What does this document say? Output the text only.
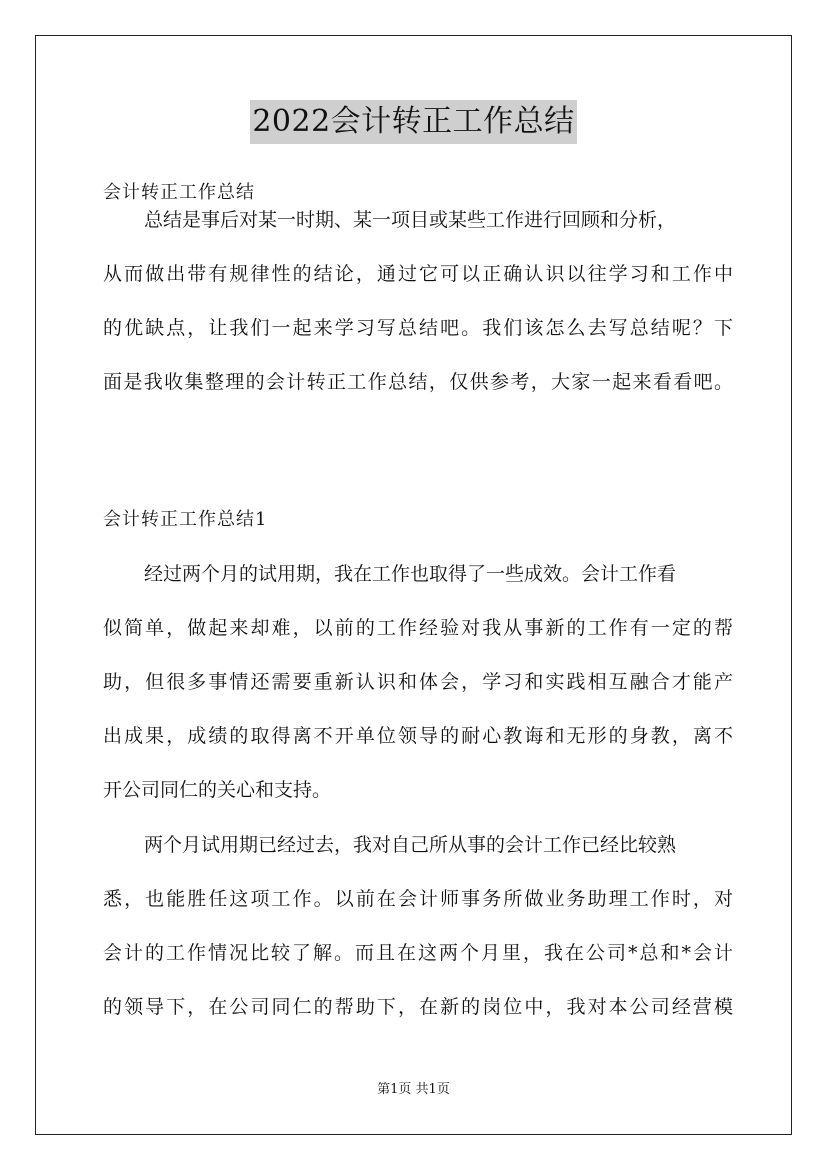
2022会计转正工作总结
会计转正工作总结
总结是事后对某一时期、某一项目或某些工作进行回顾和分析，
从而做出带有规律性的结论，通过它可以正确认识以往学习和工作中
的优缺点，让我们一起来学习写总结吧。我们该怎么去写总结呢？下
面是我收集整理的会计转正工作总结，仅供参考，大家一起来看看吧。
会计转正工作总结1
经过两个月的试用期，我在工作也取得了一些成效。会计工作看
似简单，做起来却难，以前的工作经验对我从事新的工作有一定的帮
助，但很多事情还需要重新认识和体会，学习和实践相互融合才能产
出成果，成绩的取得离不开单位领导的耐心教诲和无形的身教，离不
开公司同仁的关心和支持。
两个月试用期已经过去，我对自己所从事的会计工作已经比较熟
悉，也能胜任这项工作。以前在会计师事务所做业务助理工作时，对
会计的工作情况比较了解。而且在这两个月里，我在公司*总和*会计
的领导下，在公司同仁的帮助下，在新的岗位中，我对本公司经营模
第1页 共1页
